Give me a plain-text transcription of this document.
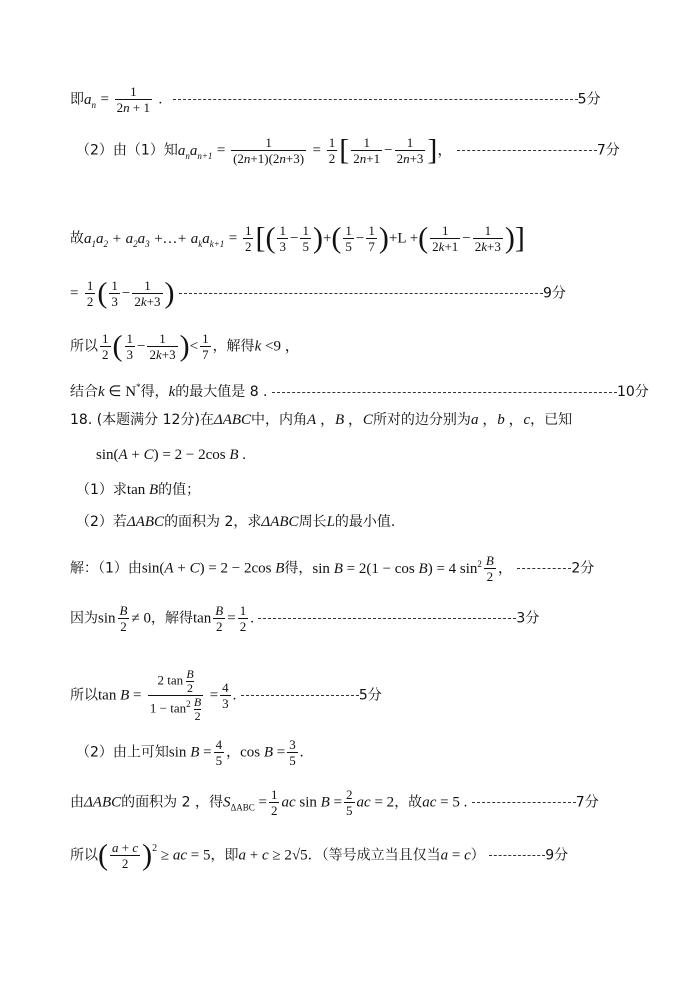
即$a_n = \frac{1}{2n + 1}$ .	5分
（2）由（1）知$a_na_{n+1} = \frac{1}{(2n+1)(2n+3)} = \frac{1}{2}$ [ $\frac{1}{2n+1} - \frac{1}{2n+3}$ ]，	7分
故$a_1a_2 + a_2a_3$ +…+ $a_ka_{k+1} = \frac{1}{2}$ [( $\frac{1}{3} - \frac{1}{5}$ )+( $\frac{1}{5} - \frac{1}{7} )+L$ +( $\frac{1}{2k+1} - \frac{1}{2k+3}$ )]
= $\frac{1}{2}$ ( $\frac{1}{3} - \frac{1}{2k+3}$ )	9分
所以 $\frac{1}{2}$ ( $\frac{1}{3} - \frac{1}{2k+3}$ )< $\frac{1}{7}$ ，解得k <9 ，
结合k ∈ N*得，k的最大值是 8 .	10分
18. (本题满分 12分)在ΔABC中，内角A ，B ，C所对的边分别为a ，b ，c，已知
sin(A + C) = 2 − 2cos B .
（1）求tan B的值；
（2）若ΔABC的面积为 2，求ΔABC周长L的最小值.
解：（1）由sin(A + C) = 2 − 2cos B得，sin B = 2(1 − cos B) = 4 $\sin^2 \frac{B}{2}$ ，	2分
因为$\sin \frac{B}{2} \ne 0$，解得$\tan \frac{B}{2} = \frac{1}{2}$ .	3分
所以$\tan B = \frac{2 \tan \frac{B}{2}}{1 - \tan^2 \frac{B}{2}} = \frac{4}{3}$ .	5分
（2）由上可知$\sin B = \frac{4}{5}$ ，$\cos B = \frac{3}{5}$ .
由ΔABC的面积为 2 ，得$S_{\Delta ABC} = \frac{1}{2}$ ac $\sin B = \frac{2}{5}$ ac = 2，故ac = 5 .	7分
所以( $\frac{a + c}{2} )^2$ ≥ ac = 5，即a + c ≥ 2√5．（等号成立当且仅当a = c）	9分
